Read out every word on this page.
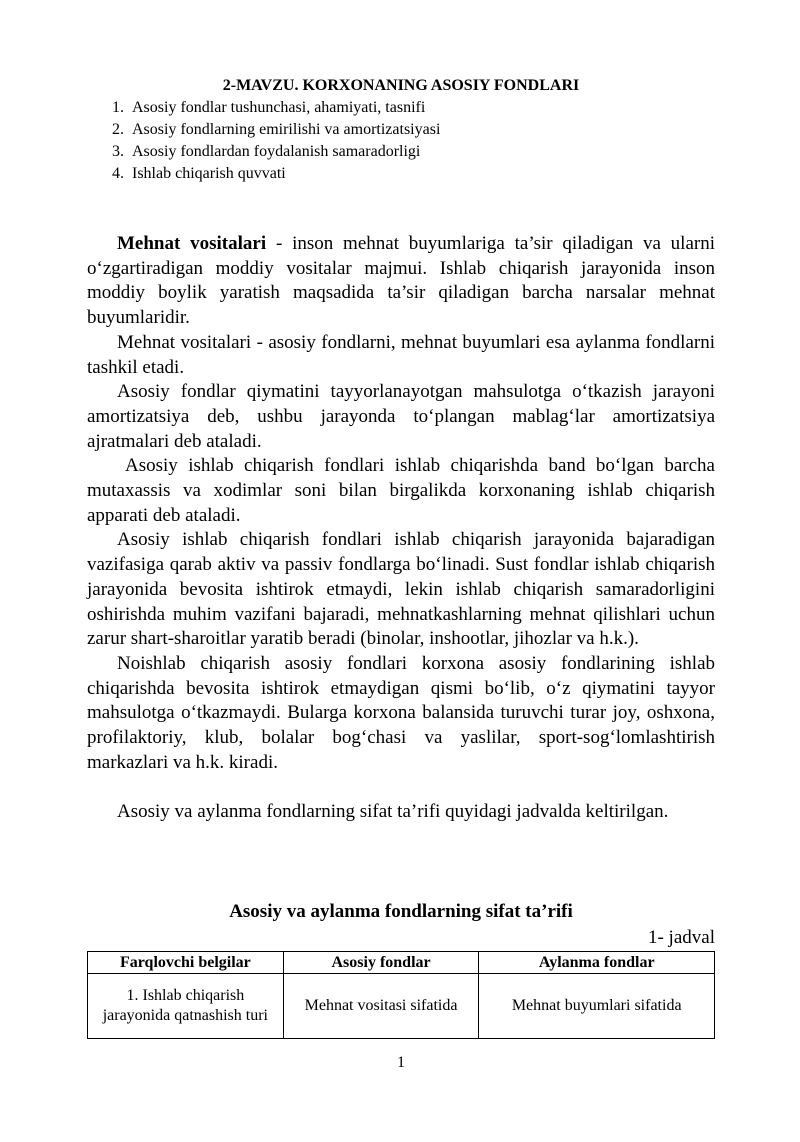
2-MAVZU. KORXONANING ASOSIY FONDLARI
1. Asosiy fondlar tushunchasi, ahamiyati, tasnifi
2. Asosiy fondlarning emirilishi va amortizatsiyasi
3. Asosiy fondlardan foydalanish samaradorligi
4. Ishlab chiqarish quvvati

Mehnat vositalari - inson mehnat buyumlariga ta’sir qiladigan va ularni o‘zgartiradigan moddiy vositalar majmui. Ishlab chiqarish jarayonida inson moddiy boylik yaratish maqsadida ta’sir qiladigan barcha narsalar mehnat buyumlaridir.

Mehnat vositalari - asosiy fondlarni, mehnat buyumlari esa aylanma fondlarni tashkil etadi.

Asosiy fondlar qiymatini tayyorlanayotgan mahsulotga o‘tkazish jarayoni amortizatsiya deb, ushbu jarayonda to‘plangan mablag‘lar amortizatsiya ajratmalari deb ataladi.

Asosiy ishlab chiqarish fondlari ishlab chiqarishda band bo‘lgan barcha mutaxassis va xodimlar soni bilan birgalikda korxonaning ishlab chiqarish apparati deb ataladi.

Asosiy ishlab chiqarish fondlari ishlab chiqarish jarayonida bajaradigan vazifasiga qarab aktiv va passiv fondlarga bo‘linadi. Sust fondlar ishlab chiqarish jarayonida bevosita ishtirok etmaydi, lekin ishlab chiqarish samaradorligini oshirishda muhim vazifani bajaradi, mehnatkashlarning mehnat qilishlari uchun zarur shart-sharoitlar yaratib beradi (binolar, inshootlar, jihozlar va h.k.).

Noishlab chiqarish asosiy fondlari korxona asosiy fondlarining ishlab chiqarishda bevosita ishtirok etmaydigan qismi bo‘lib, o‘z qiymatini tayyor mahsulotga o‘tkazmaydi. Bularga korxona balansida turuvchi turar joy, oshxona, profilaktoriy, klub, bolalar bog‘chasi va yaslilar, sport-sog‘lomlashtirish markazlari va h.k. kiradi.

Asosiy va aylanma fondlarning sifat ta’rifi quyidagi jadvalda keltirilgan.

Asosiy va aylanma fondlarning sifat ta’rifi
1- jadval
Farqlovchi belgilar	Asosiy fondlar	Aylanma fondlar
1. Ishlab chiqarish jarayonida qatnashish turi	Mehnat vositasi sifatida	Mehnat buyumlari sifatida
1
